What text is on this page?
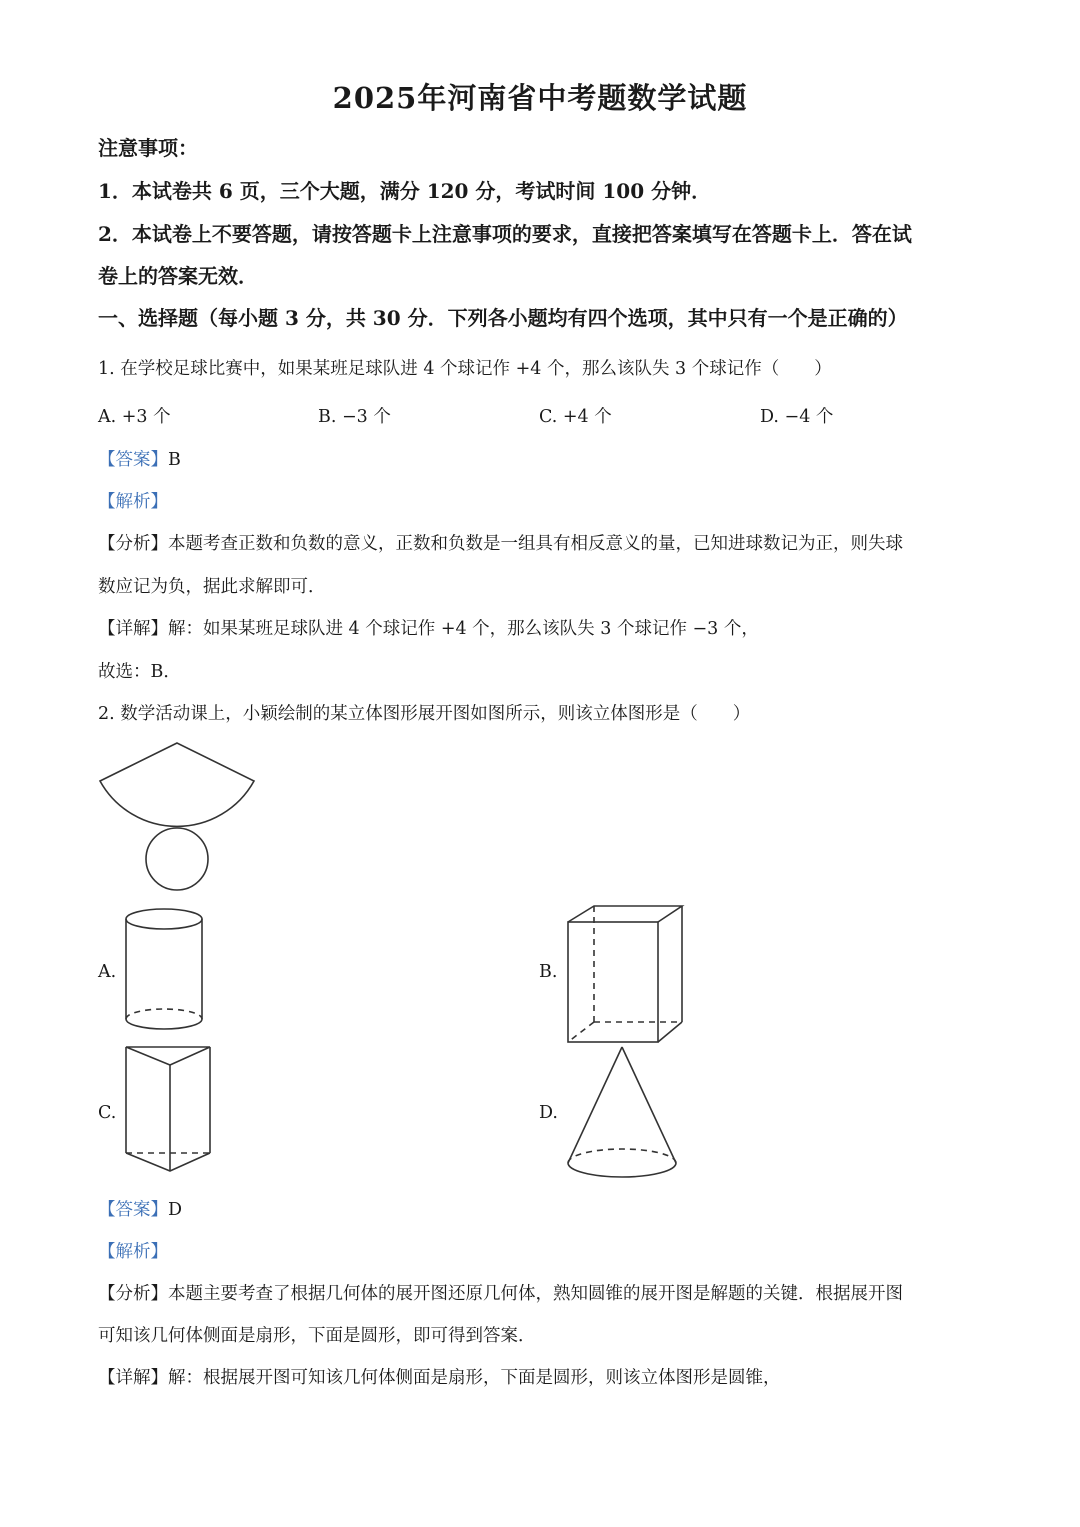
2025年河南省中考题数学试题
注意事项：
1．本试卷共 6 页，三个大题，满分 120 分，考试时间 100 分钟．
2．本试卷上不要答题，请按答题卡上注意事项的要求，直接把答案填写在答题卡上．答在试
卷上的答案无效．
一、选择题（每小题 3 分，共 30 分．下列各小题均有四个选项，其中只有一个是正确的）
1. 在学校足球比赛中，如果某班足球队进 4 个球记作 +4 个，那么该队失 3 个球记作（　　）
A. +3 个	B. −3 个	C. +4 个	D. −4 个
【答案】B
【解析】
【分析】本题考查正数和负数的意义，正数和负数是一组具有相反意义的量，已知进球数记为正，则失球
数应记为负，据此求解即可．
【详解】解：如果某班足球队进 4 个球记作 +4 个，那么该队失 3 个球记作 −3 个，
故选：B．
2. 数学活动课上，小颖绘制的某立体图形展开图如图所示，则该立体图形是（　　）
A.	B.
C.	D.
【答案】D
【解析】
【分析】本题主要考查了根据几何体的展开图还原几何体，熟知圆锥的展开图是解题的关键．根据展开图
可知该几何体侧面是扇形，下面是圆形，即可得到答案．
【详解】解：根据展开图可知该几何体侧面是扇形，下面是圆形，则该立体图形是圆锥，
